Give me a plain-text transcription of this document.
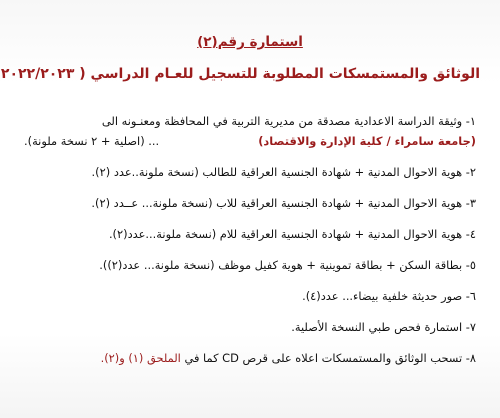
استمارة رقم(٢)
الوثائق والمستمسكات المطلوبة للتسجيل للعـام الدراسي ( ٢٠٢٢/٢٠٢٣
١- وثيقة الدراسة الاعدادية مصدقة من مديرية التربية في المحافظة ومعنـونه الى
(جامعة سامراء / كلية الإدارة والاقتصاد)
... (اصلية + ٢ نسخة ملونة).
٢- هوية الاحوال المدنية + شهادة الجنسية العراقية للطالب (نسخة ملونة..عدد (٢).
٣- هوية الاحوال المدنية + شهادة الجنسية العراقية للاب (نسخة ملونة... عــدد (٢).
٤- هوية الاحوال المدنية + شهادة الجنسية العراقية للام (نسخة ملونة...عدد(٢).
٥- بطاقة السكن + بطاقة تموينية + هوية كفيل موظف (نسخة ملونة... عدد(٢)).
٦- صور حديثة خلفية بيضاء... عدد(٤).
٧- استمارة فحص طبي النسخة الأصلية.
٨- تسحب الوثائق والمستمسكات اعلاه على قرص CD كما في الملحق (١) و(٢).
